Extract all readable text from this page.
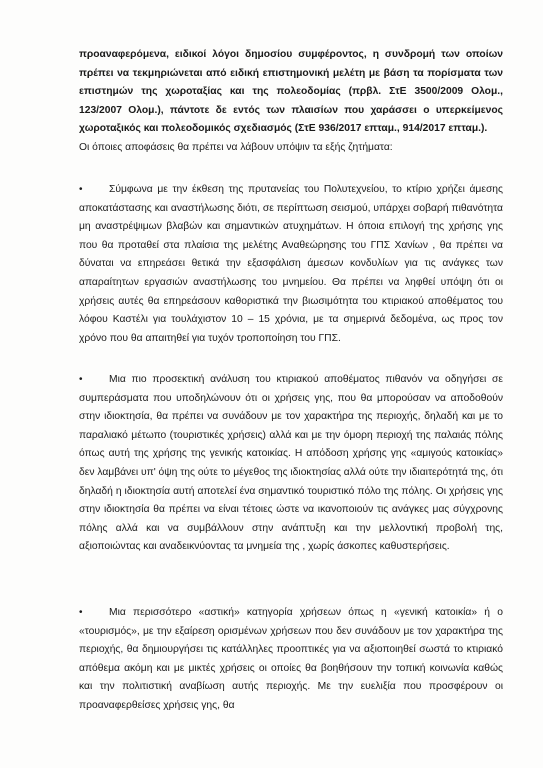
προαναφερόμενα, ειδικοί λόγοι δημοσίου συμφέροντος, η συνδρομή των οποίων πρέπει να τεκμηριώνεται από ειδική επιστημονική μελέτη με βάση τα πορίσματα των επιστημών της χωροταξίας και της πολεοδομίας (πρβλ. ΣτΕ 3500/2009 Ολομ., 123/2007 Ολομ.), πάντοτε δε εντός των πλαισίων που χαράσσει ο υπερκείμενος χωροταξικός και πολεοδομικός σχεδιασμός (ΣτΕ 936/2017 επταμ., 914/2017 επταμ.).

Οι όποιες αποφάσεις θα πρέπει να λάβουν υπόψιν τα εξής ζητήματα:

•	Σύμφωνα με την έκθεση της πρυτανείας του Πολυτεχνείου, το κτίριο χρήζει άμεσης αποκατάστασης και αναστήλωσης διότι, σε περίπτωση σεισμού, υπάρχει σοβαρή πιθανότητα μη αναστρέψιμων βλαβών και σημαντικών ατυχημάτων. Η όποια επιλογή της χρήσης γης που θα προταθεί στα πλαίσια της μελέτης Αναθεώρησης του ΓΠΣ Χανίων , θα πρέπει να δύναται να επηρεάσει θετικά την εξασφάλιση άμεσων κονδυλίων για τις ανάγκες των απαραίτητων εργασιών αναστήλωσης του μνημείου. Θα πρέπει να ληφθεί υπόψη ότι οι χρήσεις αυτές θα επηρεάσουν καθοριστικά την βιωσιμότητα του κτιριακού αποθέματος του λόφου Καστέλι για τουλάχιστον 10 – 15 χρόνια, με τα σημερινά δεδομένα, ως προς τον χρόνο που θα απαιτηθεί για τυχόν τροποποίηση του ΓΠΣ.

•	Μια πιο προσεκτική ανάλυση του κτιριακού αποθέματος πιθανόν να οδηγήσει σε συμπεράσματα που υποδηλώνουν ότι οι χρήσεις γης, που θα μπορούσαν να αποδοθούν στην ιδιοκτησία, θα πρέπει να συνάδουν με τον χαρακτήρα της περιοχής, δηλαδή και με το παραλιακό μέτωπο (τουριστικές χρήσεις) αλλά και με την όμορη περιοχή της παλαιάς πόλης όπως αυτή της χρήσης της γενικής κατοικίας. Η απόδοση χρήσης γης «αμιγούς κατοικίας» δεν λαμβάνει υπ' όψη της ούτε το μέγεθος της ιδιοκτησίας αλλά ούτε την ιδιαιτερότητά της, ότι δηλαδή η ιδιοκτησία αυτή αποτελεί ένα σημαντικό τουριστικό πόλο της πόλης. Οι χρήσεις γης στην ιδιοκτησία θα πρέπει να είναι τέτοιες ώστε να ικανοποιούν τις ανάγκες μας σύγχρονης πόλης αλλά και να συμβάλλουν στην ανάπτυξη και την μελλοντική προβολή της, αξιοποιώντας και αναδεικνύοντας τα μνημεία της , χωρίς άσκοπες καθυστερήσεις.

•	Μια περισσότερο «αστική» κατηγορία χρήσεων όπως η «γενική κατοικία» ή ο «τουρισμός», με την εξαίρεση ορισμένων χρήσεων που δεν συνάδουν με τον χαρακτήρα της περιοχής, θα δημιουργήσει τις κατάλληλες προοπτικές για να αξιοποιηθεί σωστά το κτιριακό απόθεμα ακόμη και με μικτές χρήσεις οι οποίες θα βοηθήσουν την τοπική κοινωνία καθώς και την πολιτιστική αναβίωση αυτής περιοχής. Με την ευελιξία που προσφέρουν οι προαναφερθείσες χρήσεις γης, θα
